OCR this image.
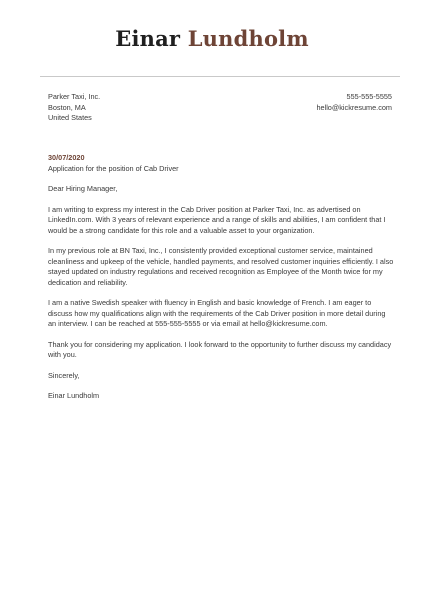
Einar Lundholm
Parker Taxi, Inc.
Boston, MA
United States
555-555-5555
hello@kickresume.com
30/07/2020
Application for the position of Cab Driver

Dear Hiring Manager,

I am writing to express my interest in the Cab Driver position at Parker Taxi, Inc. as advertised on LinkedIn.com. With 3 years of relevant experience and a range of skills and abilities, I am confident that I would be a strong candidate for this role and a valuable asset to your organization.

In my previous role at BN Taxi, Inc., I consistently provided exceptional customer service, maintained cleanliness and upkeep of the vehicle, handled payments, and resolved customer inquiries efficiently. I also stayed updated on industry regulations and received recognition as Employee of the Month twice for my dedication and reliability.

I am a native Swedish speaker with fluency in English and basic knowledge of French. I am eager to discuss how my qualifications align with the requirements of the Cab Driver position in more detail during an interview. I can be reached at 555-555-5555 or via email at hello@kickresume.com.

Thank you for considering my application. I look forward to the opportunity to further discuss my candidacy with you.

Sincerely,

Einar Lundholm
